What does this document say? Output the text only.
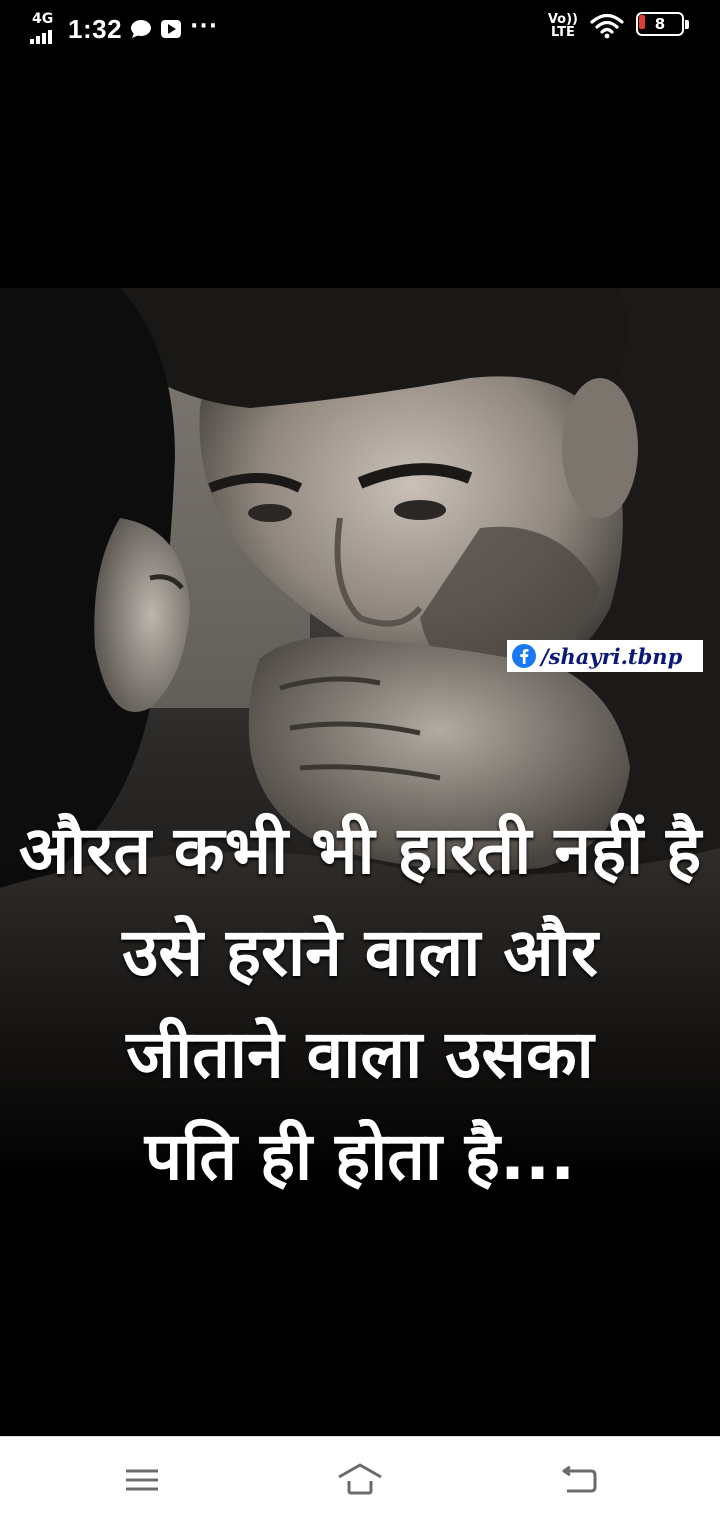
4G 1:32	···	Vo))
LTE	8
/shayri.tbnp
औरत कभी भी हारती नहीं है
उसे हराने वाला और
जीताने वाला उसका
पति ही होता है...
